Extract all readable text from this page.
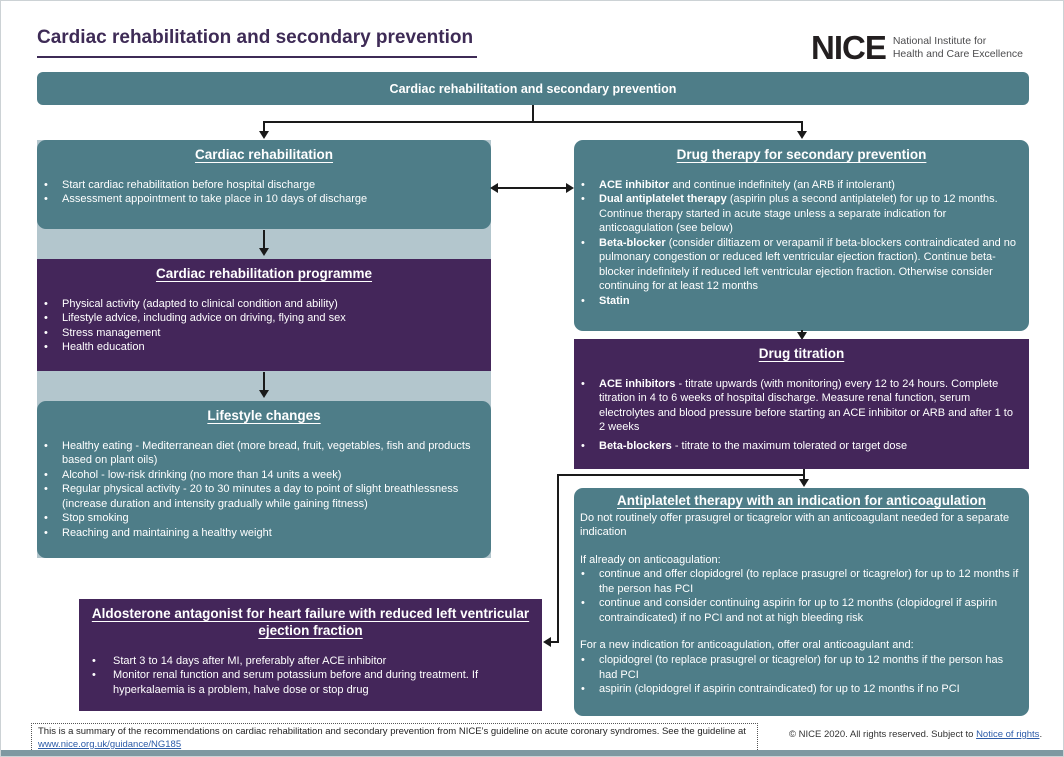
Cardiac rehabilitation and secondary prevention	NICE National Institute for
Health and Care Excellence
Cardiac rehabilitation and secondary prevention
Cardiac rehabilitation
• Start cardiac rehabilitation before hospital discharge
• Assessment appointment to take place in 10 days of discharge
Cardiac rehabilitation programme
• Physical activity (adapted to clinical condition and ability)
• Lifestyle advice, including advice on driving, flying and sex
• Stress management
• Health education
Lifestyle changes
• Healthy eating - Mediterranean diet (more bread, fruit, vegetables, fish and products based on plant oils)
• Alcohol - low-risk drinking (no more than 14 units a week)
• Regular physical activity - 20 to 30 minutes a day to point of slight breathlessness (increase duration and intensity gradually while gaining fitness)
• Stop smoking
• Reaching and maintaining a healthy weight
Drug therapy for secondary prevention
• ACE inhibitor and continue indefinitely (an ARB if intolerant)
• Dual antiplatelet therapy (aspirin plus a second antiplatelet) for up to 12 months. Continue therapy started in acute stage unless a separate indication for anticoagulation (see below)
• Beta-blocker (consider diltiazem or verapamil if beta-blockers contraindicated and no pulmonary congestion or reduced left ventricular ejection fraction). Continue beta-blocker indefinitely if reduced left ventricular ejection fraction. Otherwise consider continuing for at least 12 months
• Statin
Drug titration
• ACE inhibitors - titrate upwards (with monitoring) every 12 to 24 hours. Complete titration in 4 to 6 weeks of hospital discharge. Measure renal function, serum electrolytes and blood pressure before starting an ACE inhibitor or ARB and after 1 to 2 weeks
• Beta-blockers - titrate to the maximum tolerated or target dose
Antiplatelet therapy with an indication for anticoagulation

Do not routinely offer prasugrel or ticagrelor with an anticoagulant needed for a separate indication

If already on anticoagulation:

• continue and offer clopidogrel (to replace prasugrel or ticagrelor) for up to 12 months if the person has PCI
• continue and consider continuing aspirin for up to 12 months (clopidogrel if aspirin contraindicated) if no PCI and not at high bleeding risk

For a new indication for anticoagulation, offer oral anticoagulant and:

• clopidogrel (to replace prasugrel or ticagrelor) for up to 12 months if the person has had PCI
• aspirin (clopidogrel if aspirin contraindicated) for up to 12 months if no PCI
Aldosterone antagonist for heart failure with reduced left ventricular ejection fraction
• Start 3 to 14 days after MI, preferably after ACE inhibitor
• Monitor renal function and serum potassium before and during treatment. If hyperkalaemia is a problem, halve dose or stop drug
This is a summary of the recommendations on cardiac rehabilitation and secondary prevention from NICE’s guideline on acute coronary syndromes. See the guideline at www.nice.org.uk/guidance/NG185
© NICE 2020. All rights reserved. Subject to Notice of rights.
